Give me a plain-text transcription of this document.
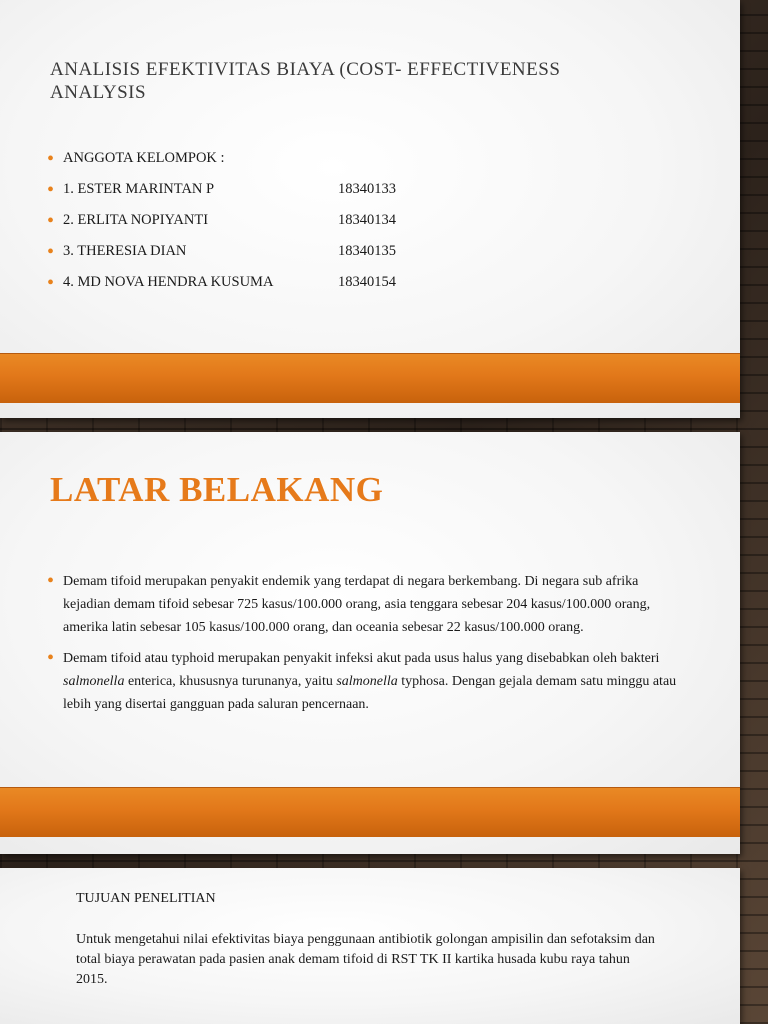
ANALISIS EFEKTIVITAS BIAYA (COST- EFFECTIVENESS
ANALYSIS
• ANGGOTA KELOMPOK :
• 1. ESTER MARINTAN P	18340133
• 2. ERLITA NOPIYANTI	18340134
• 3. THERESIA DIAN	18340135
• 4. MD NOVA HENDRA KUSUMA	18340154
LATAR BELAKANG
• Demam tifoid merupakan penyakit endemik yang terdapat di negara berkembang. Di negara sub afrika kejadian demam tifoid sebesar 725 kasus/100.000 orang, asia tenggara sebesar 204 kasus/100.000 orang, amerika latin sebesar 105 kasus/100.000 orang, dan oceania sebesar 22 kasus/100.000 orang.
• Demam tifoid atau typhoid merupakan penyakit infeksi akut pada usus halus yang disebabkan oleh bakteri salmonella enterica, khususnya turunanya, yaitu salmonella typhosa. Dengan gejala demam satu minggu atau lebih yang disertai gangguan pada saluran pencernaan.
TUJUAN PENELITIAN
Untuk mengetahui nilai efektivitas biaya penggunaan antibiotik golongan ampisilin dan sefotaksim dan total biaya perawatan pada pasien anak demam tifoid di RST TK II kartika husada kubu raya tahun 2015.
